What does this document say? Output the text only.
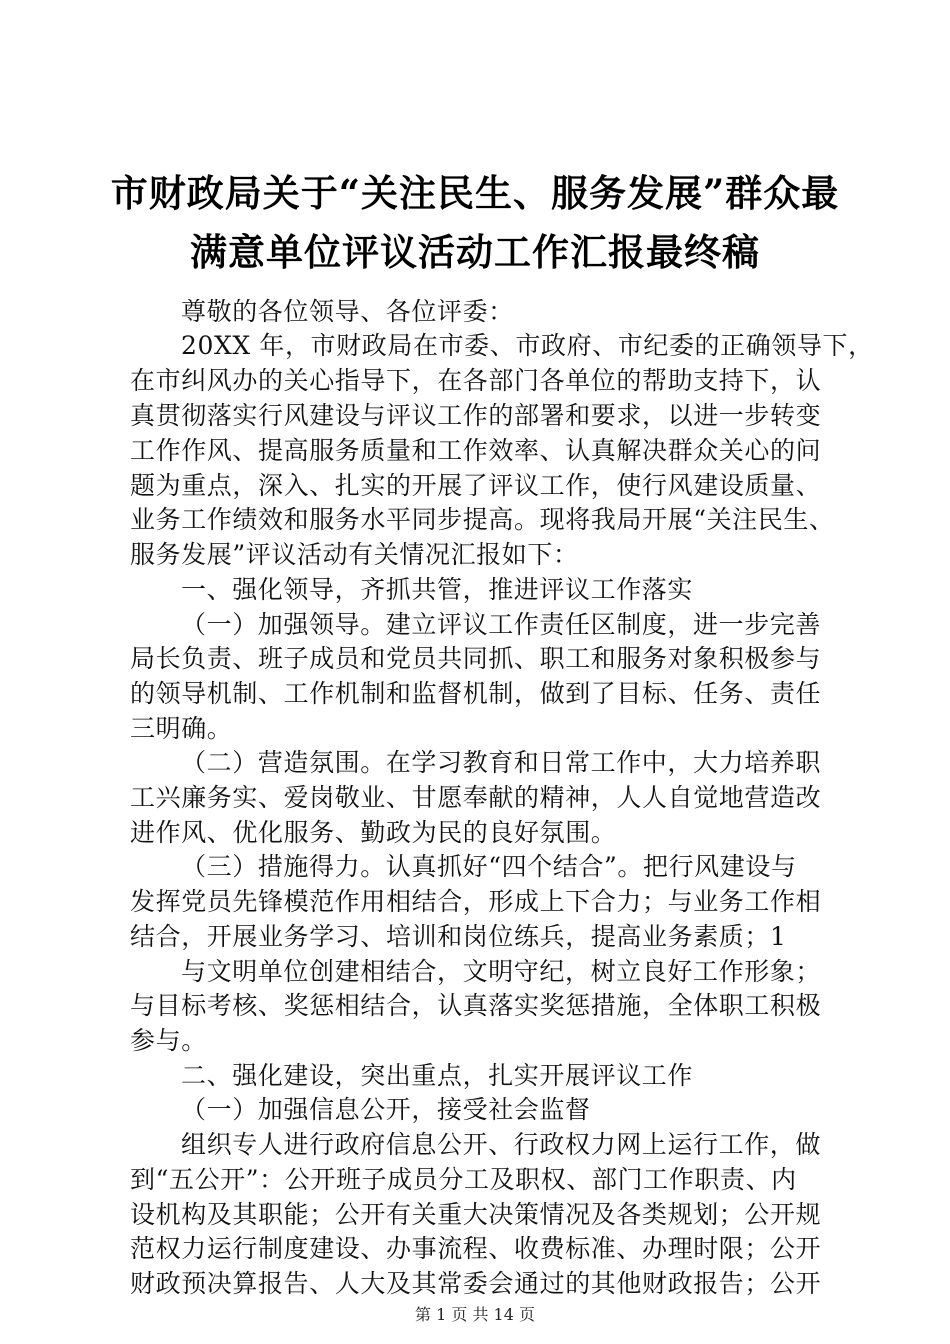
市财政局关于“关注民生、服务发展”群众最
满意单位评议活动工作汇报最终稿
尊敬的各位领导、各位评委：
20XX 年，市财政局在市委、市政府、市纪委的正确领导下，
在市纠风办的关心指导下，在各部门各单位的帮助支持下，认
真贯彻落实行风建设与评议工作的部署和要求，以进一步转变
工作作风、提高服务质量和工作效率、认真解决群众关心的问
题为重点，深入、扎实的开展了评议工作，使行风建设质量、
业务工作绩效和服务水平同步提高。现将我局开展“关注民生、
服务发展”评议活动有关情况汇报如下：
一、强化领导，齐抓共管，推进评议工作落实
（一）加强领导。建立评议工作责任区制度，进一步完善
局长负责、班子成员和党员共同抓、职工和服务对象积极参与
的领导机制、工作机制和监督机制，做到了目标、任务、责任
三明确。
（二）营造氛围。在学习教育和日常工作中，大力培养职
工兴廉务实、爱岗敬业、甘愿奉献的精神，人人自觉地营造改
进作风、优化服务、勤政为民的良好氛围。
（三）措施得力。认真抓好“四个结合”。把行风建设与
发挥党员先锋模范作用相结合，形成上下合力；与业务工作相
结合，开展业务学习、培训和岗位练兵，提高业务素质；1
与文明单位创建相结合，文明守纪，树立良好工作形象；
与目标考核、奖惩相结合，认真落实奖惩措施，全体职工积极
参与。
二、强化建设，突出重点，扎实开展评议工作
（一）加强信息公开，接受社会监督
组织专人进行政府信息公开、行政权力网上运行工作，做
到“五公开”：公开班子成员分工及职权、部门工作职责、内
设机构及其职能；公开有关重大决策情况及各类规划；公开规
范权力运行制度建设、办事流程、收费标准、办理时限；公开
财政预决算报告、人大及其常委会通过的其他财政报告；公开
第 1 页 共 14 页
